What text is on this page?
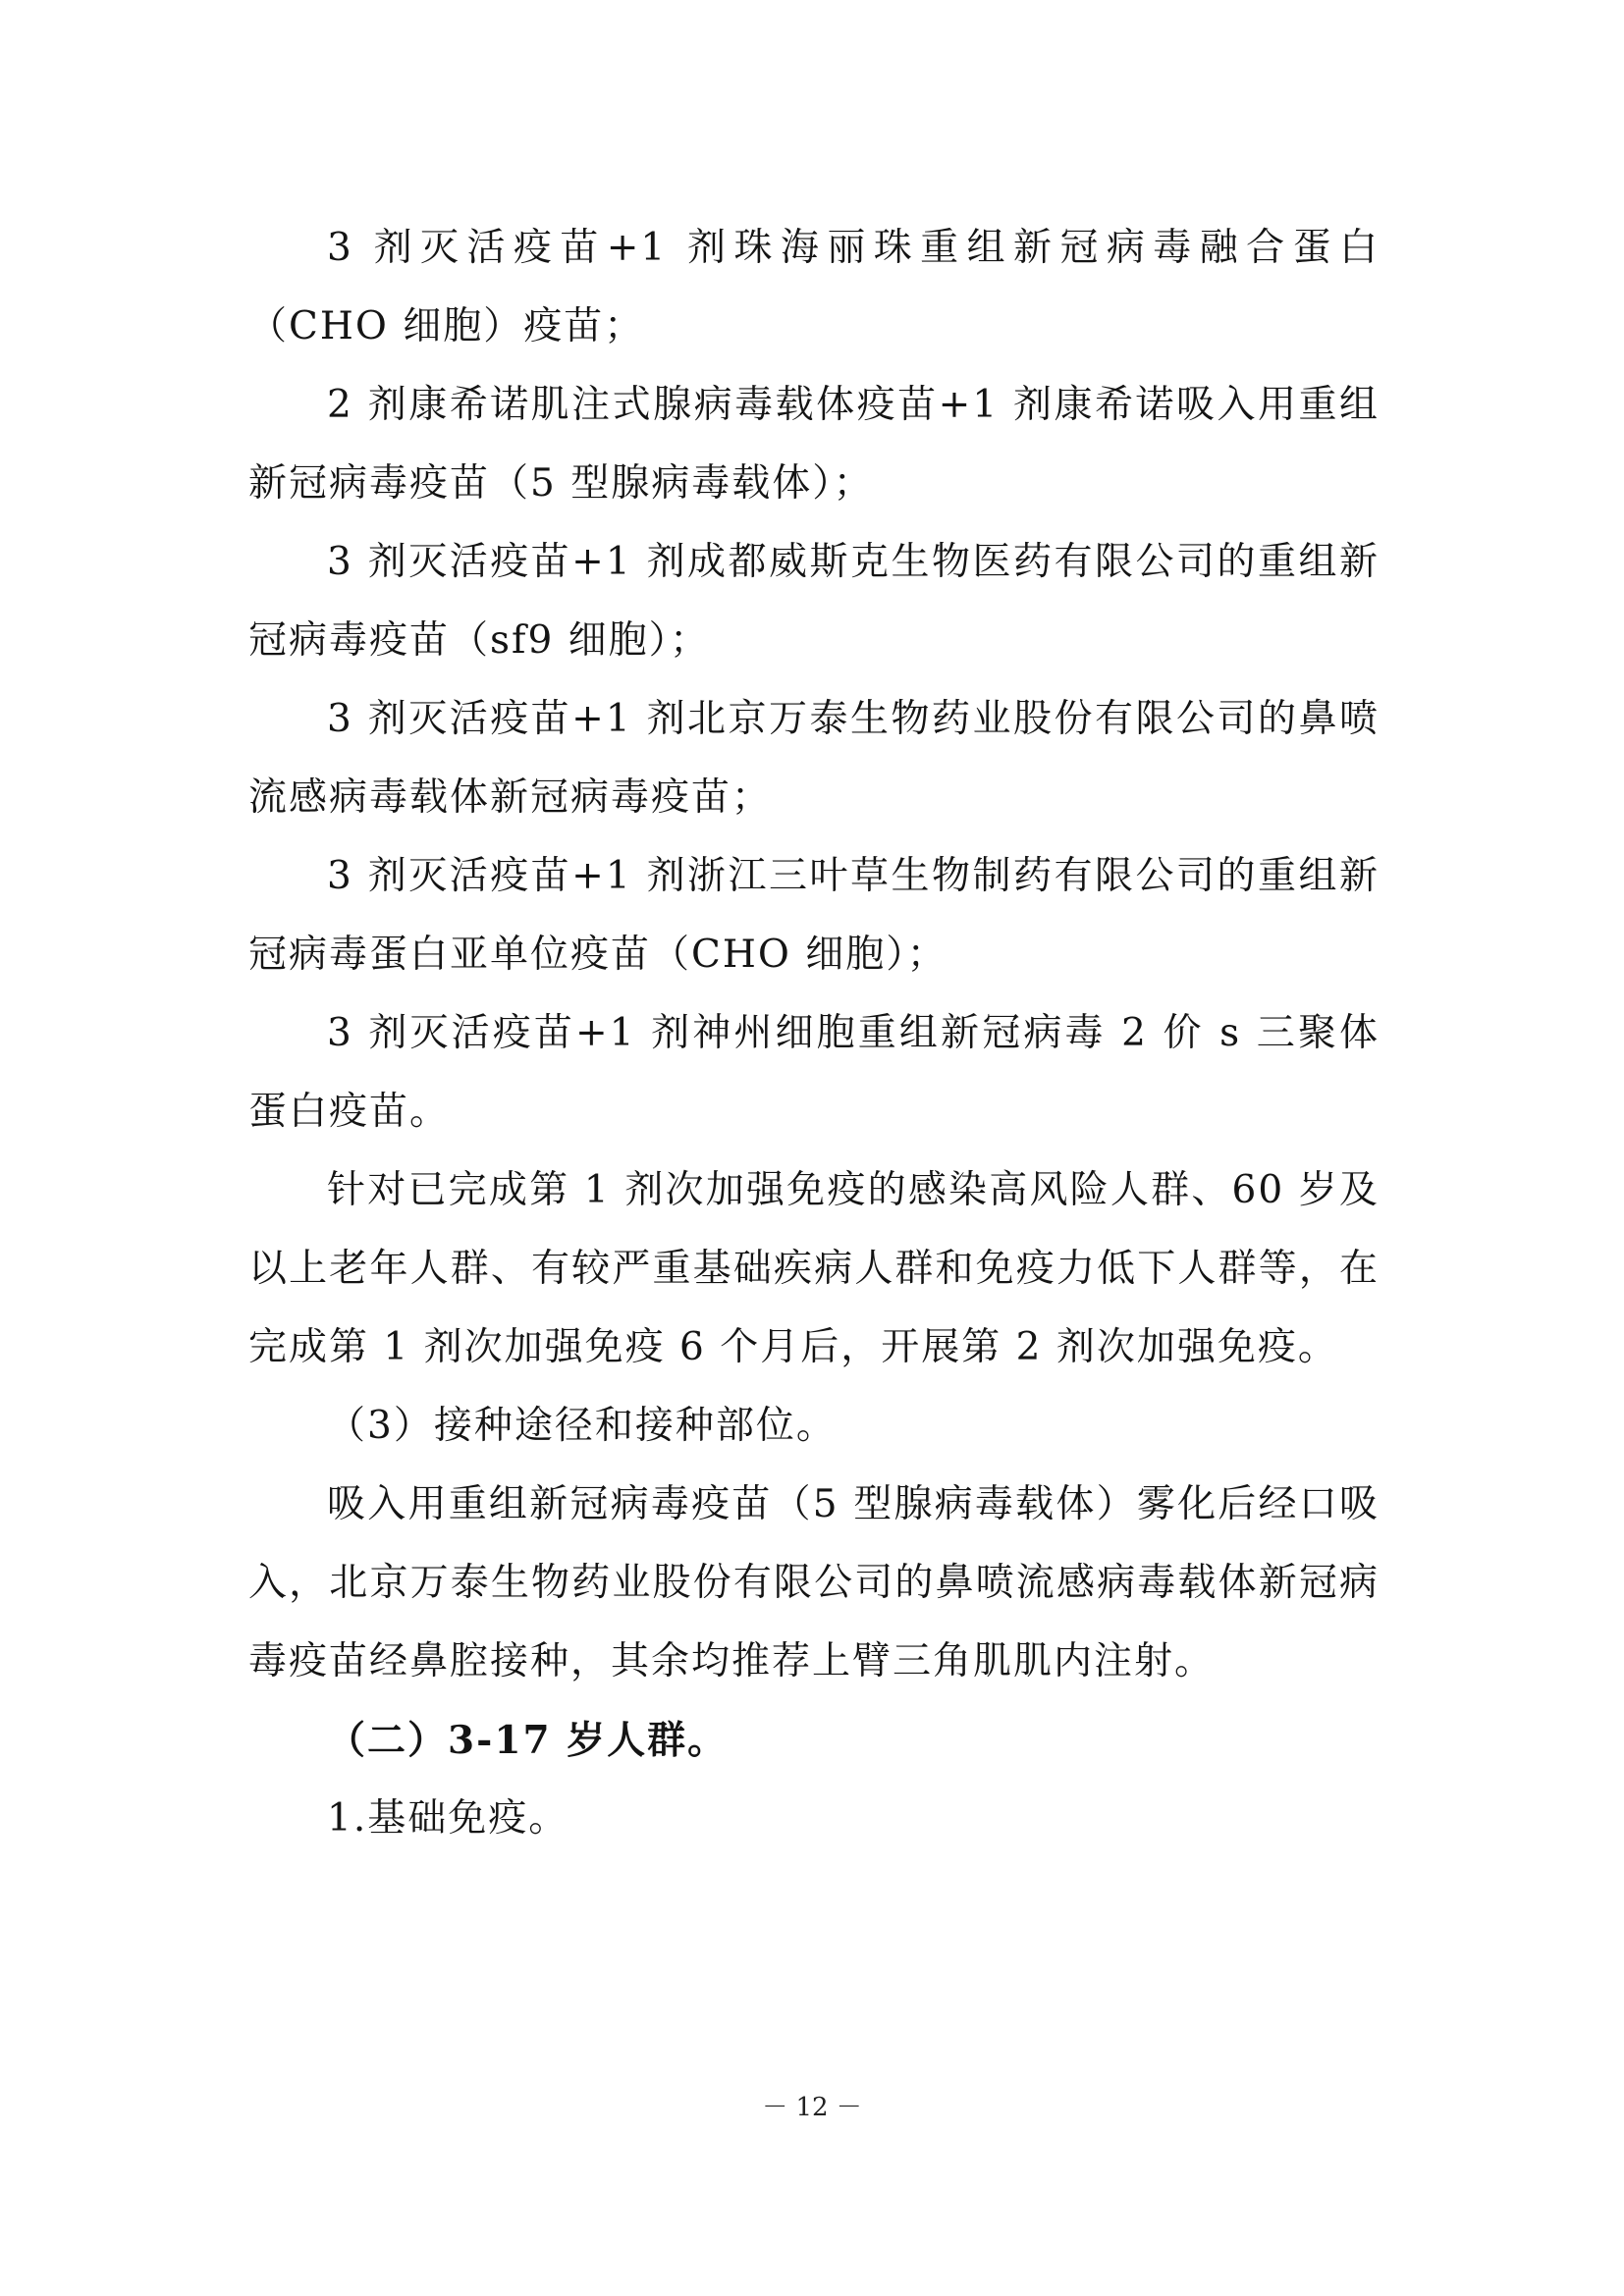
3 剂灭活疫苗+1 剂珠海丽珠重组新冠病毒融合蛋白（CHO 细胞）疫苗；

2 剂康希诺肌注式腺病毒载体疫苗+1 剂康希诺吸入用重组新冠病毒疫苗（5 型腺病毒载体）；

3 剂灭活疫苗+1 剂成都威斯克生物医药有限公司的重组新冠病毒疫苗（sf9 细胞）；

3 剂灭活疫苗+1 剂北京万泰生物药业股份有限公司的鼻喷流感病毒载体新冠病毒疫苗；

3 剂灭活疫苗+1 剂浙江三叶草生物制药有限公司的重组新冠病毒蛋白亚单位疫苗（CHO 细胞）；

3 剂灭活疫苗+1 剂神州细胞重组新冠病毒 2 价 s 三聚体蛋白疫苗。

针对已完成第 1 剂次加强免疫的感染高风险人群、60 岁及以上老年人群、有较严重基础疾病人群和免疫力低下人群等，在完成第 1 剂次加强免疫 6 个月后，开展第 2 剂次加强免疫。

（3）接种途径和接种部位。

吸入用重组新冠病毒疫苗（5 型腺病毒载体）雾化后经口吸入，北京万泰生物药业股份有限公司的鼻喷流感病毒载体新冠病毒疫苗经鼻腔接种，其余均推荐上臂三角肌肌内注射。

（二）3-17 岁人群。

1.基础免疫。

－ 12 －
